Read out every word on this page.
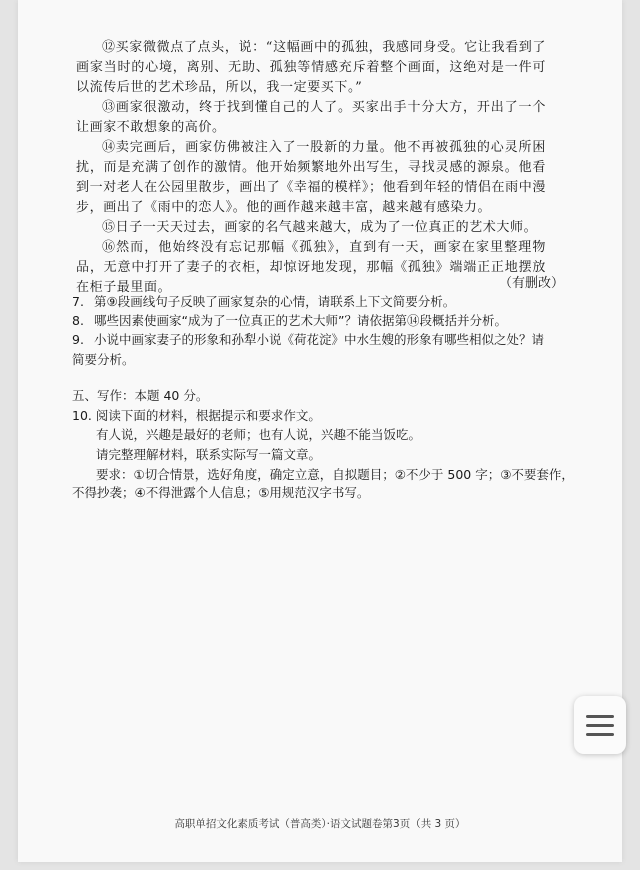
⑫买家微微点了点头，说：“这幅画中的孤独，我感同身受。它让我看到了画家当时的心境，离别、无助、孤独等情感充斥着整个画面，这绝对是一件可以流传后世的艺术珍品，所以，我一定要买下。”

⑬画家很激动，终于找到懂自己的人了。买家出手十分大方，开出了一个让画家不敢想象的高价。

⑭卖完画后，画家仿佛被注入了一股新的力量。他不再被孤独的心灵所困扰，而是充满了创作的激情。他开始频繁地外出写生，寻找灵感的源泉。他看到一对老人在公园里散步，画出了《幸福的模样》；他看到年轻的情侣在雨中漫步，画出了《雨中的恋人》。他的画作越来越丰富，越来越有感染力。

⑮日子一天天过去，画家的名气越来越大，成为了一位真正的艺术大师。

⑯然而，他始终没有忘记那幅《孤独》，直到有一天，画家在家里整理物品，无意中打开了妻子的衣柜，却惊讶地发现，那幅《孤独》端端正正地摆放在柜子最里面。	（有删改）

7. 第⑨段画线句子反映了画家复杂的心情，请联系上下文简要分析。

8. 哪些因素使画家“成为了一位真正的艺术大师”？请依据第⑭段概括并分析。

9. 小说中画家妻子的形象和孙犁小说《荷花淀》中水生嫂的形象有哪些相似之处？请简要分析。

五、写作：本题 40 分。

10. 阅读下面的材料，根据提示和要求作文。

有人说，兴趣是最好的老师；也有人说，兴趣不能当饭吃。

请完整理解材料，联系实际写一篇文章。

要求：①切合情景，选好角度，确定立意，自拟题目；②不少于 500 字；③不要套作，

不得抄袭；④不得泄露个人信息；⑤用规范汉字书写。

高职单招文化素质考试（普高类）·语文试题卷第3页（共 3 页）
